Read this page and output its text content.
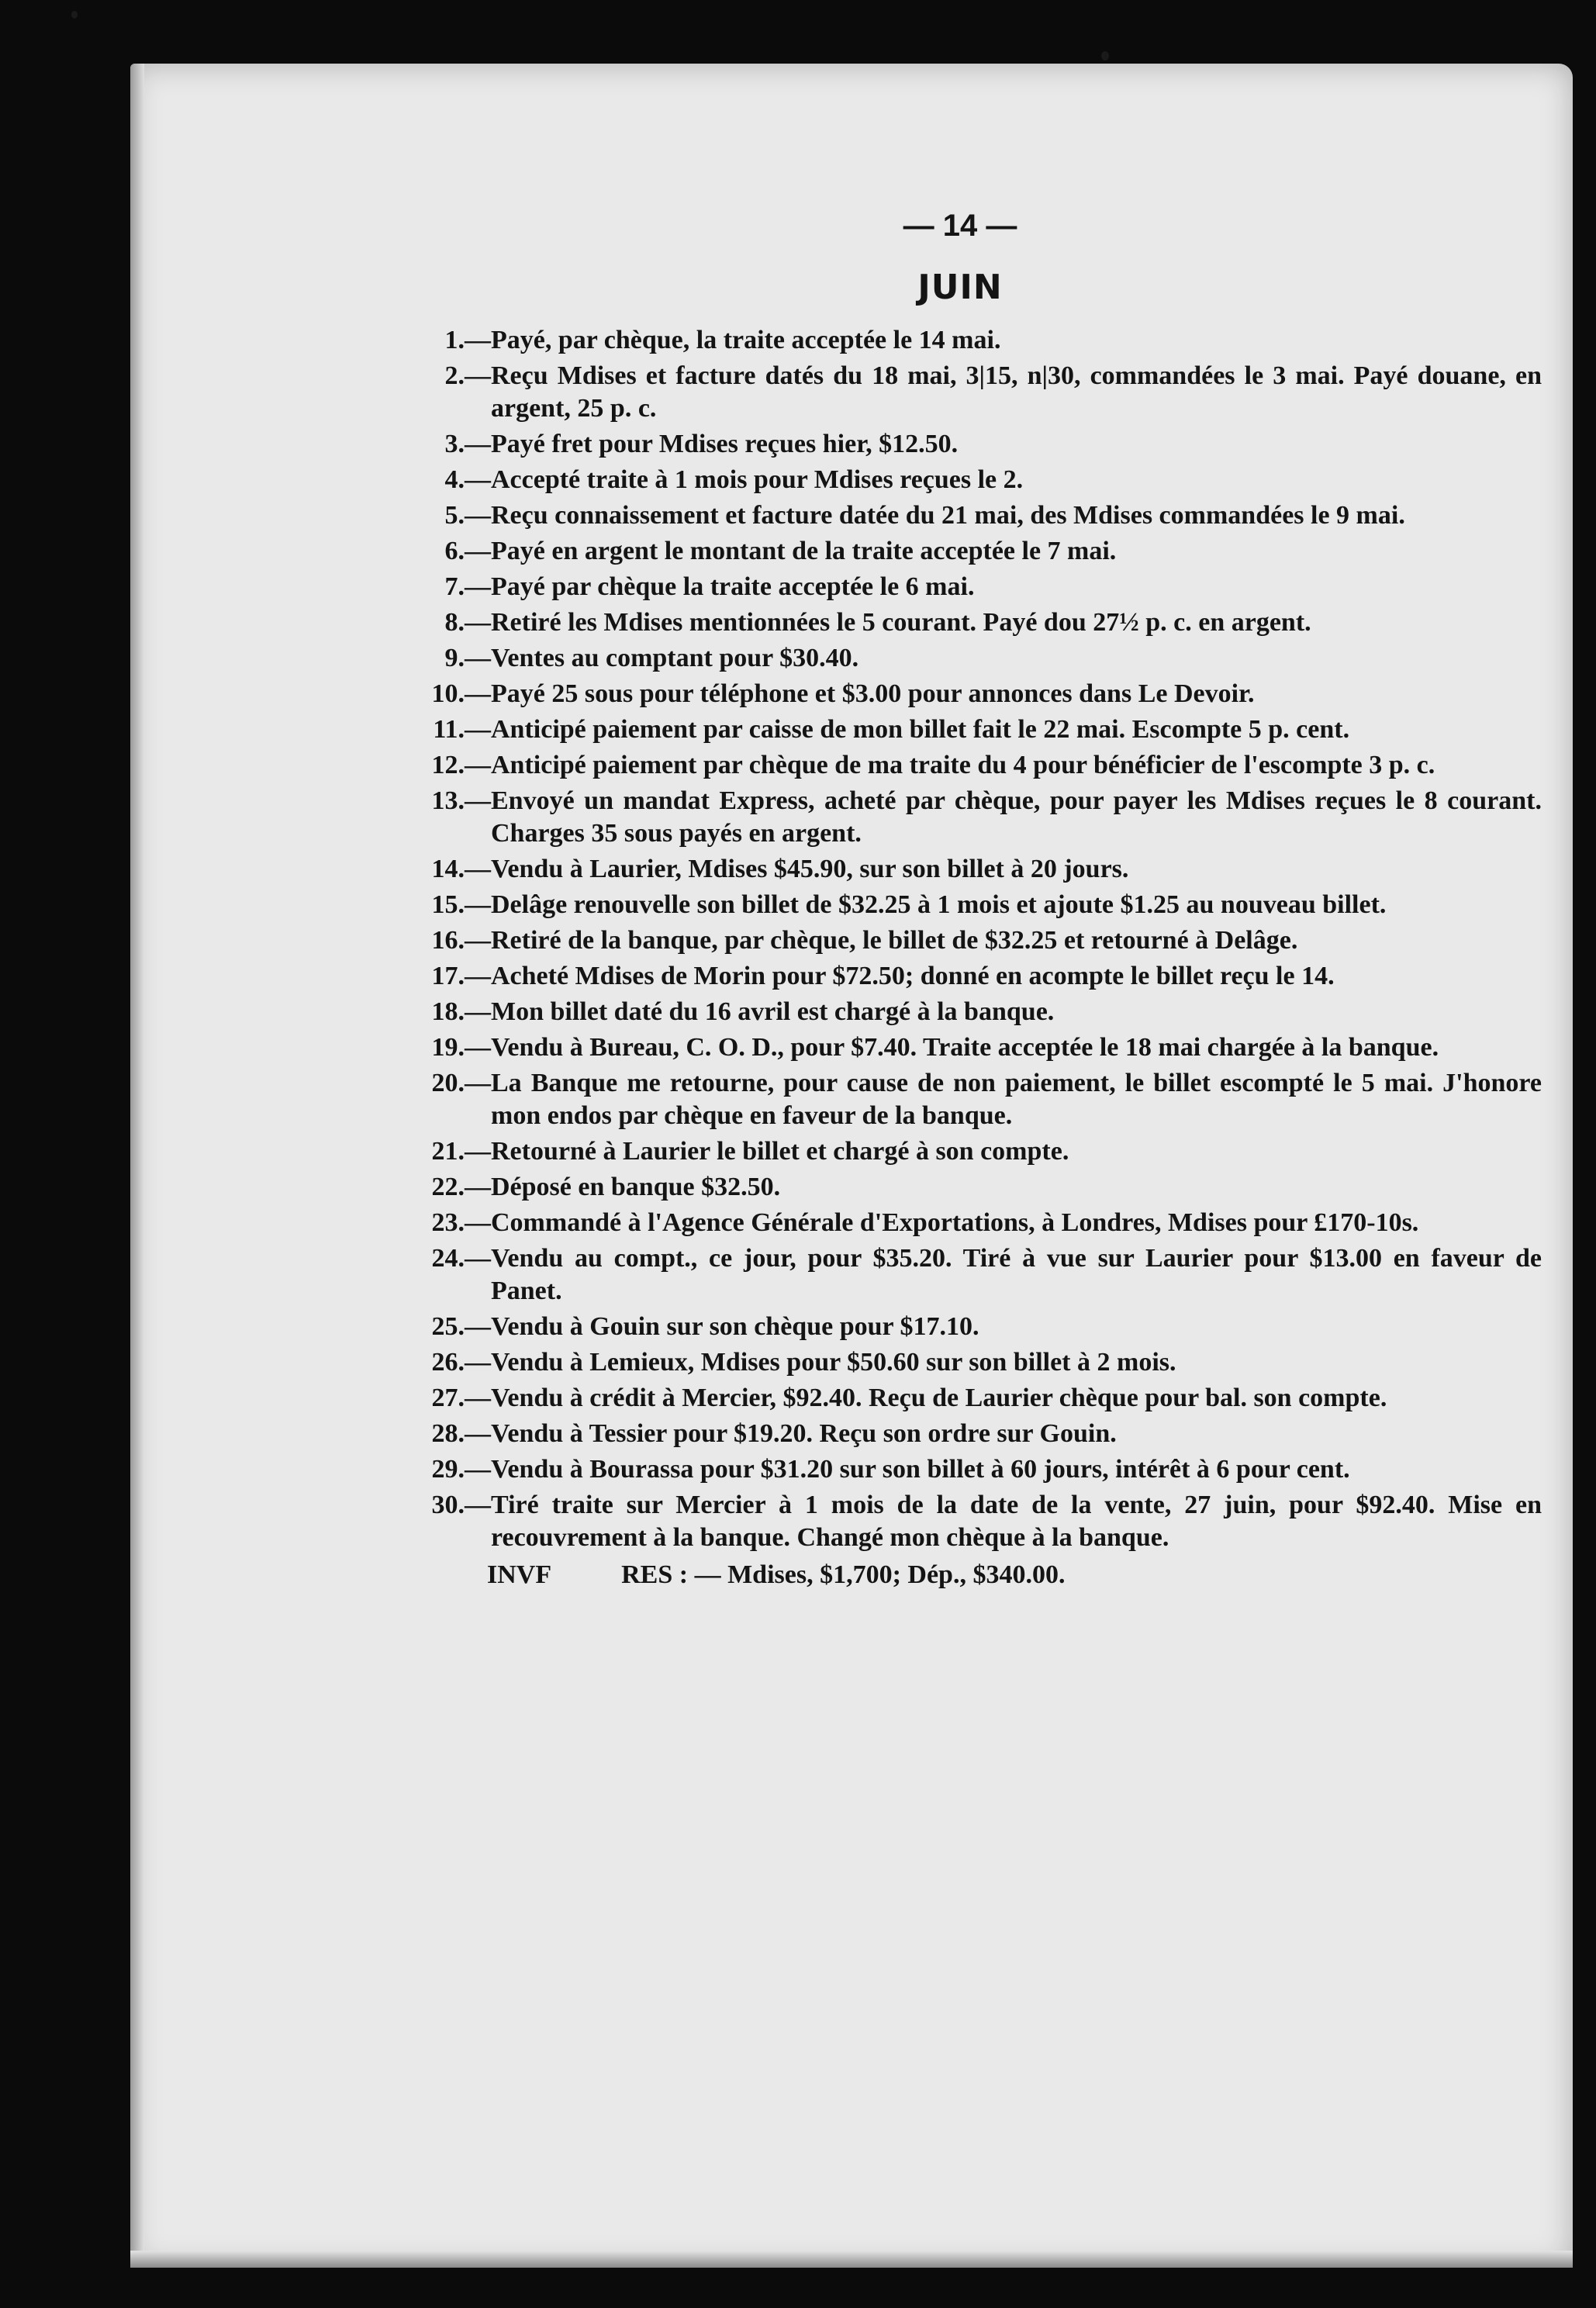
— 14 —
JUIN
1.— Payé, par chèque, la traite acceptée le 14 mai.
2.— Reçu Mdises et facture datés du 18 mai, 3|15, n|30, commandées le 3 mai. Payé douane, en argent, 25 p. c.
3.— Payé fret pour Mdises reçues hier, $12.50.
4.— Accepté traite à 1 mois pour Mdises reçues le 2.
5.— Reçu connaissement et facture datée du 21 mai, des Mdises commandées le 9 mai.
6.— Payé en argent le montant de la traite acceptée le 7 mai.
7.— Payé par chèque la traite acceptée le 6 mai.
8.— Retiré les Mdises mentionnées le 5 courant. Payé dou 27½ p. c. en argent.
9.— Ventes au comptant pour $30.40.
10.— Payé 25 sous pour téléphone et $3.00 pour annonces dans Le Devoir.
11.— Anticipé paiement par caisse de mon billet fait le 22 mai. Escompte 5 p. cent.
12.— Anticipé paiement par chèque de ma traite du 4 pour bénéficier de l'escompte 3 p. c.
13.— Envoyé un mandat Express, acheté par chèque, pour payer les Mdises reçues le 8 courant. Charges 35 sous payés en argent.
14.— Vendu à Laurier, Mdises $45.90, sur son billet à 20 jours.
15.— Delâge renouvelle son billet de $32.25 à 1 mois et ajoute $1.25 au nouveau billet.
16.— Retiré de la banque, par chèque, le billet de $32.25 et retourné à Delâge.
17.— Acheté Mdises de Morin pour $72.50; donné en acompte le billet reçu le 14.
18.— Mon billet daté du 16 avril est chargé à la banque.
19.— Vendu à Bureau, C. O. D., pour $7.40. Traite acceptée le 18 mai chargée à la banque.
20.— La Banque me retourne, pour cause de non paiement, le billet escompté le 5 mai. J'honore mon endos par chèque en faveur de la banque.
21.— Retourné à Laurier le billet et chargé à son compte.
22.— Déposé en banque $32.50.
23.— Commandé à l'Agence Générale d'Exportations, à Londres, Mdises pour £170-10s.
24.— Vendu au compt., ce jour, pour $35.20. Tiré à vue sur Laurier pour $13.00 en faveur de Panet.
25.— Vendu à Gouin sur son chèque pour $17.10.
26.— Vendu à Lemieux, Mdises pour $50.60 sur son billet à 2 mois.
27.— Vendu à crédit à Mercier, $92.40. Reçu de Laurier chèque pour bal. son compte.
28.— Vendu à Tessier pour $19.20. Reçu son ordre sur Gouin.
29.— Vendu à Bourassa pour $31.20 sur son billet à 60 jours, intérêt à 6 pour cent.
30.— Tiré traite sur Mercier à 1 mois de la date de la vente, 27 juin, pour $92.40. Mise en recouvrement à la banque. Changé mon chèque à la banque.
INVF	RES : — Mdises, $1,700; Dép., $340.00.
